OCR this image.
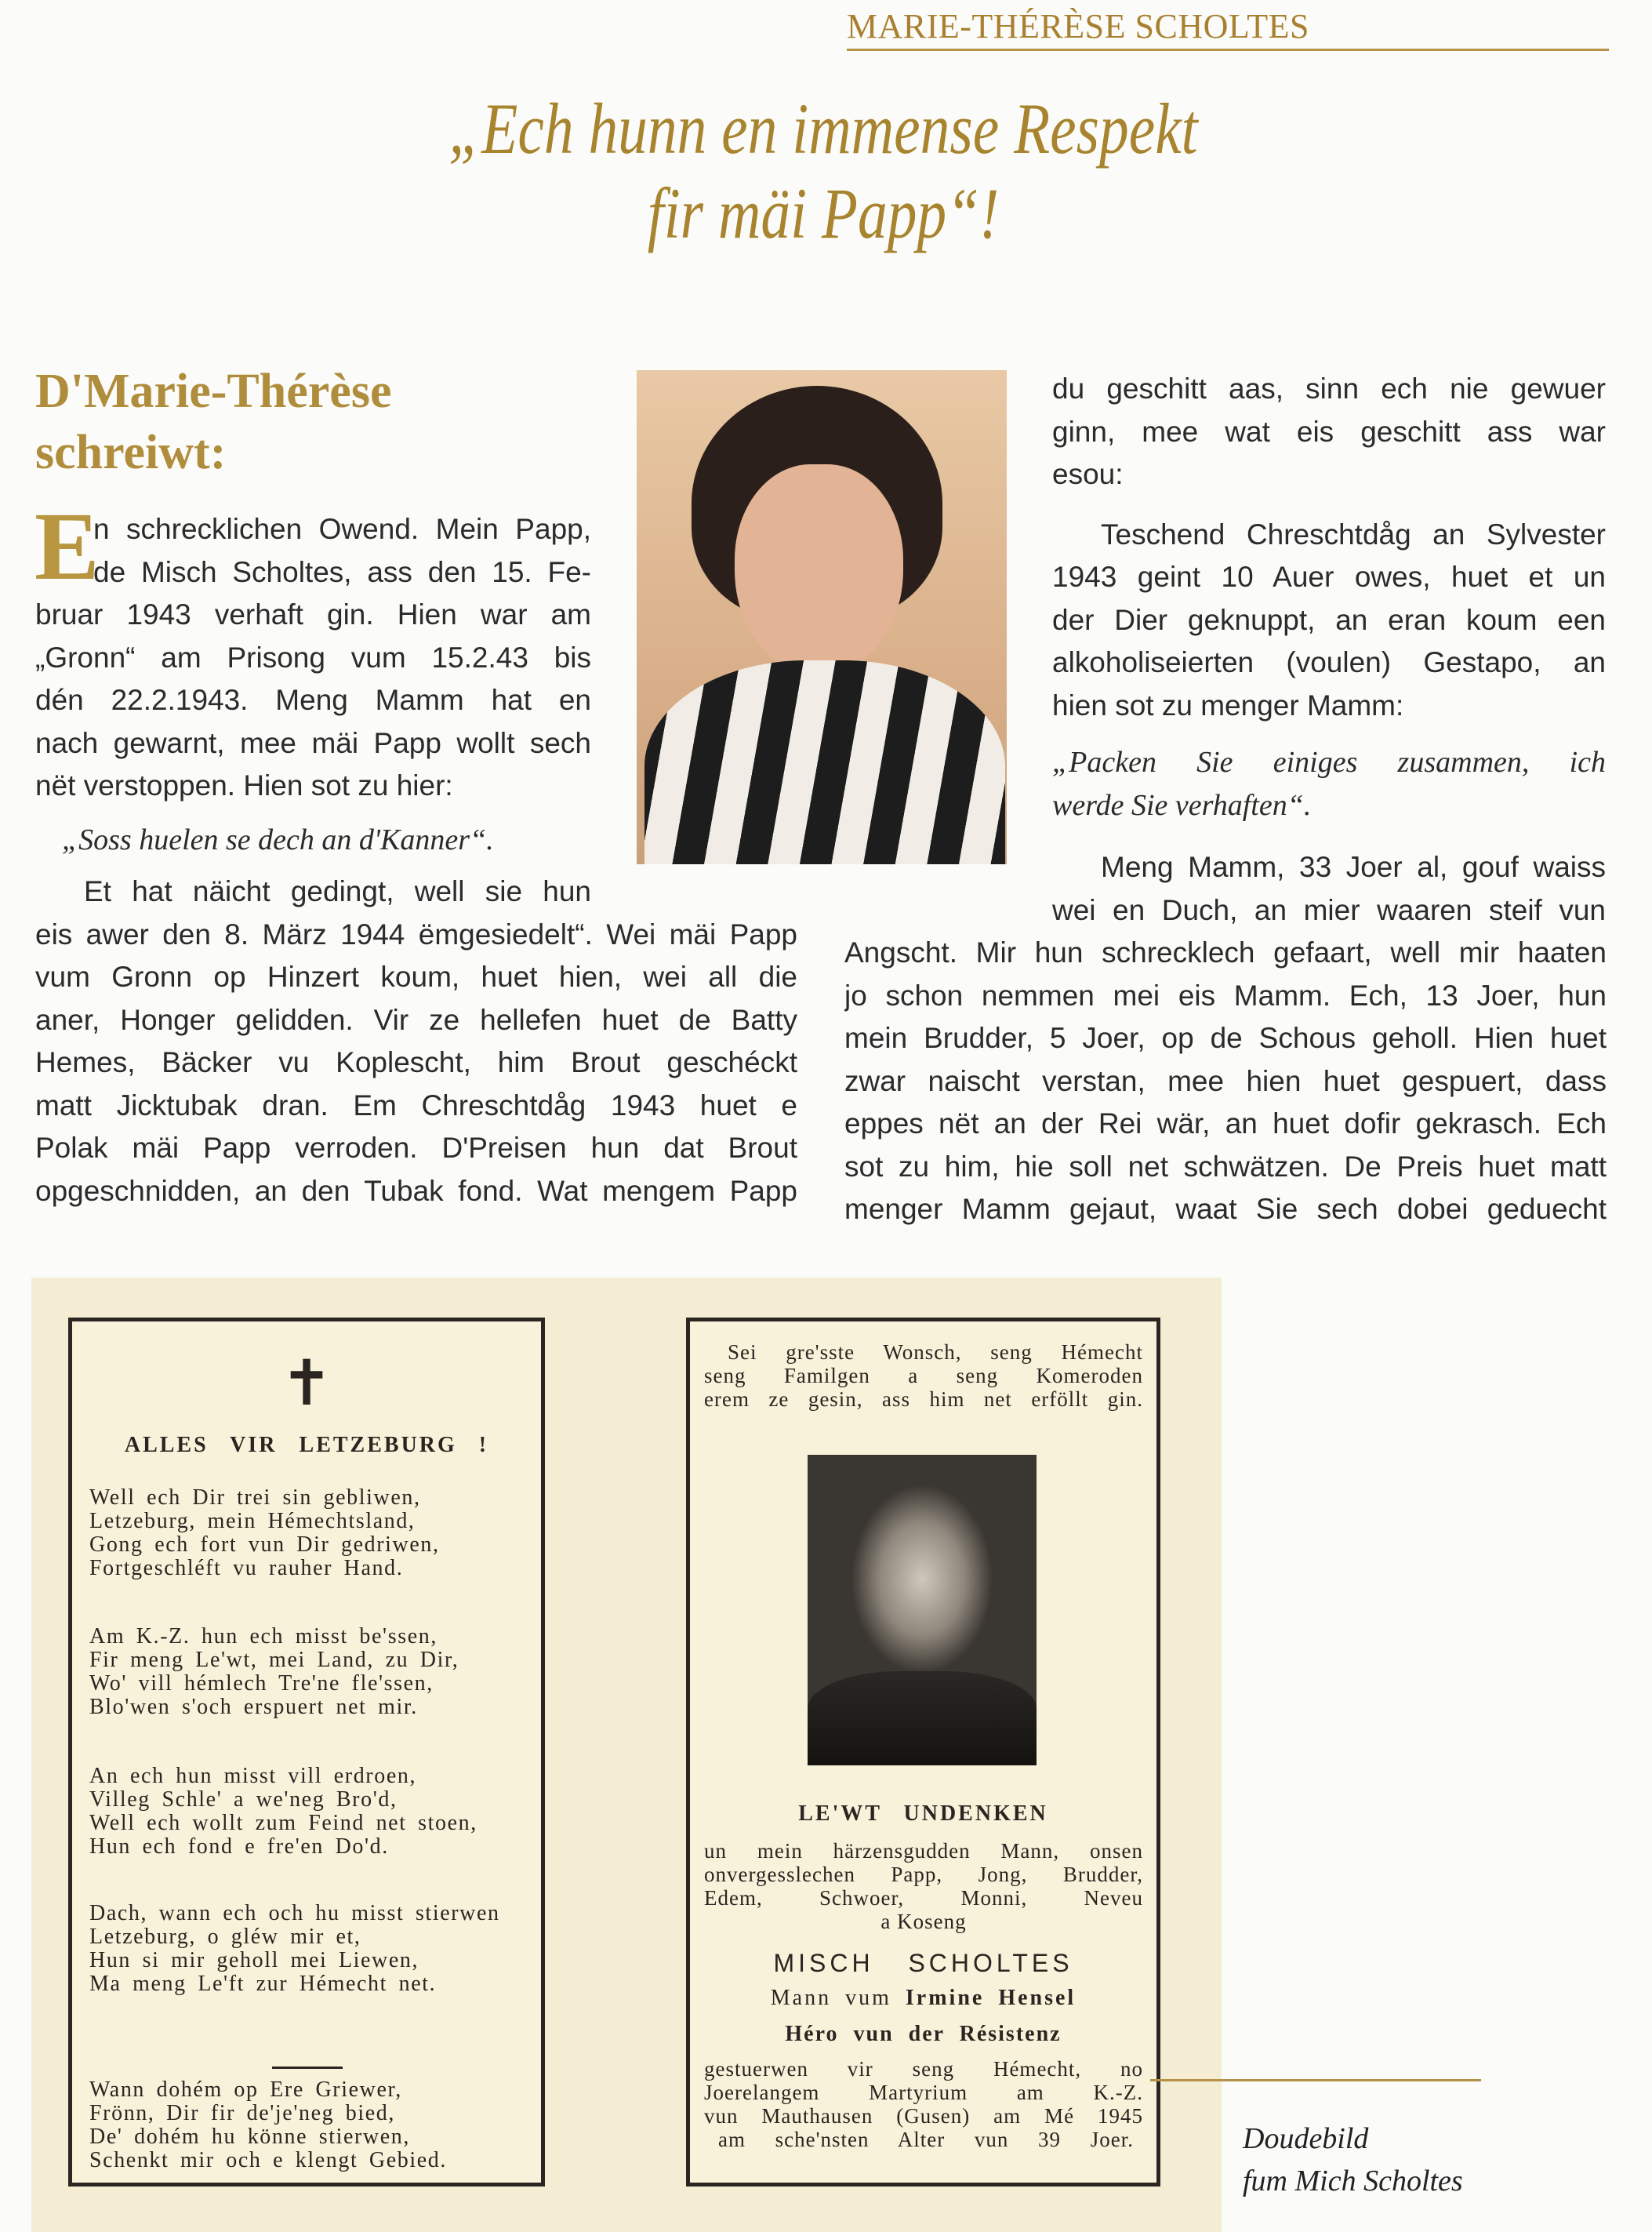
MARIE-THÉRÈSE SCHOLTES
„Ech hunn en immense Respekt
fir mäi Papp“!
D'Marie-Thérèse
schreiwt:
E
n schrecklichen Owend. Mein Papp,
de Misch Scholtes, ass den 15. Fe-
bruar 1943 verhaft gin. Hien war am
„Gronn“ am Prisong vum 15.2.43 bis
dén 22.2.1943. Meng Mamm hat en
nach gewarnt, mee mäi Papp wollt sech
nët verstoppen. Hien sot zu hier:
„Soss huelen se dech an d'Kanner“.
Et hat näicht gedingt, well sie hun
eis awer den 8. März 1944 ëmgesiedelt“. Wei mäi Papp
vum Gronn op Hinzert koum, huet hien, wei all die
aner, Honger gelidden. Vir ze hellefen huet de Batty
Hemes, Bäcker vu Koplescht, him Brout geschéckt
matt Jicktubak dran. Em Chreschtdåg 1943 huet e
Polak mäi Papp verroden. D'Preisen hun dat Brout
opgeschnidden, an den Tubak fond. Wat mengem Papp
du geschitt aas, sinn ech nie gewuer
ginn, mee wat eis geschitt ass war
esou:
Teschend Chreschtdåg an Sylvester
1943 geint 10 Auer owes, huet et un
der Dier geknuppt, an eran koum een
alkoholiseierten (voulen) Gestapo, an
hien sot zu menger Mamm:
„Packen Sie einiges zusammen, ich
werde Sie verhaften“.
Meng Mamm, 33 Joer al, gouf waiss
wei en Duch, an mier waaren steif vun
Angscht. Mir hun schrecklech gefaart, well mir haaten
jo schon nemmen mei eis Mamm. Ech, 13 Joer, hun
mein Brudder, 5 Joer, op de Schous geholl. Hien huet
zwar naischt verstan, mee hien huet gespuert, dass
eppes nët an der Rei wär, an huet dofir gekrasch. Ech
sot zu him, hie soll net schwätzen. De Preis huet matt
menger Mamm gejaut, waat Sie sech dobei geduecht
✝
ALLES VIR LETZEBURG !
Well ech Dir trei sin gebliwen,
Letzeburg, mein Hémechtsland,
Gong ech fort vun Dir gedriwen,
Fortgeschléft vu rauher Hand.
Am K.-Z. hun ech misst be'ssen,
Fir meng Le'wt, mei Land, zu Dir,
Wo' vill hémlech Tre'ne fle'ssen,
Blo'wen s'och erspuert net mir.
An ech hun misst vill erdroen,
Villeg Schle' a we'neg Bro'd,
Well ech wollt zum Feind net stoen,
Hun ech fond e fre'en Do'd.
Dach, wann ech och hu misst stierwen
Letzeburg, o gléw mir et,
Hun si mir geholl mei Liewen,
Ma meng Le'ft zur Hémecht net.
Wann dohém op Ere Griewer,
Frönn, Dir fir de'je'neg bied,
De' dohém hu könne stierwen,
Schenkt mir och e klengt Gebied.
Sei gre'sste Wonsch, seng Hémecht
seng Familgen a seng Komeroden
erem ze gesin, ass him net erföllt gin.
LE'WT UNDENKEN
un mein härzensgudden Mann, onsen
onvergesslechen Papp, Jong, Brudder,
Edem, Schwoer, Monni, Neveu
a Koseng
MISCH SCHOLTES
Mann vum Irmine Hensel
Héro vun der Résistenz
gestuerwen vir seng Hémecht, no
Joerelangem Martyrium am K.-Z.
vun Mauthausen (Gusen) am Mé 1945
am sche'nsten Alter vun 39 Joer.	Doudebild
fum Mich Scholtes
